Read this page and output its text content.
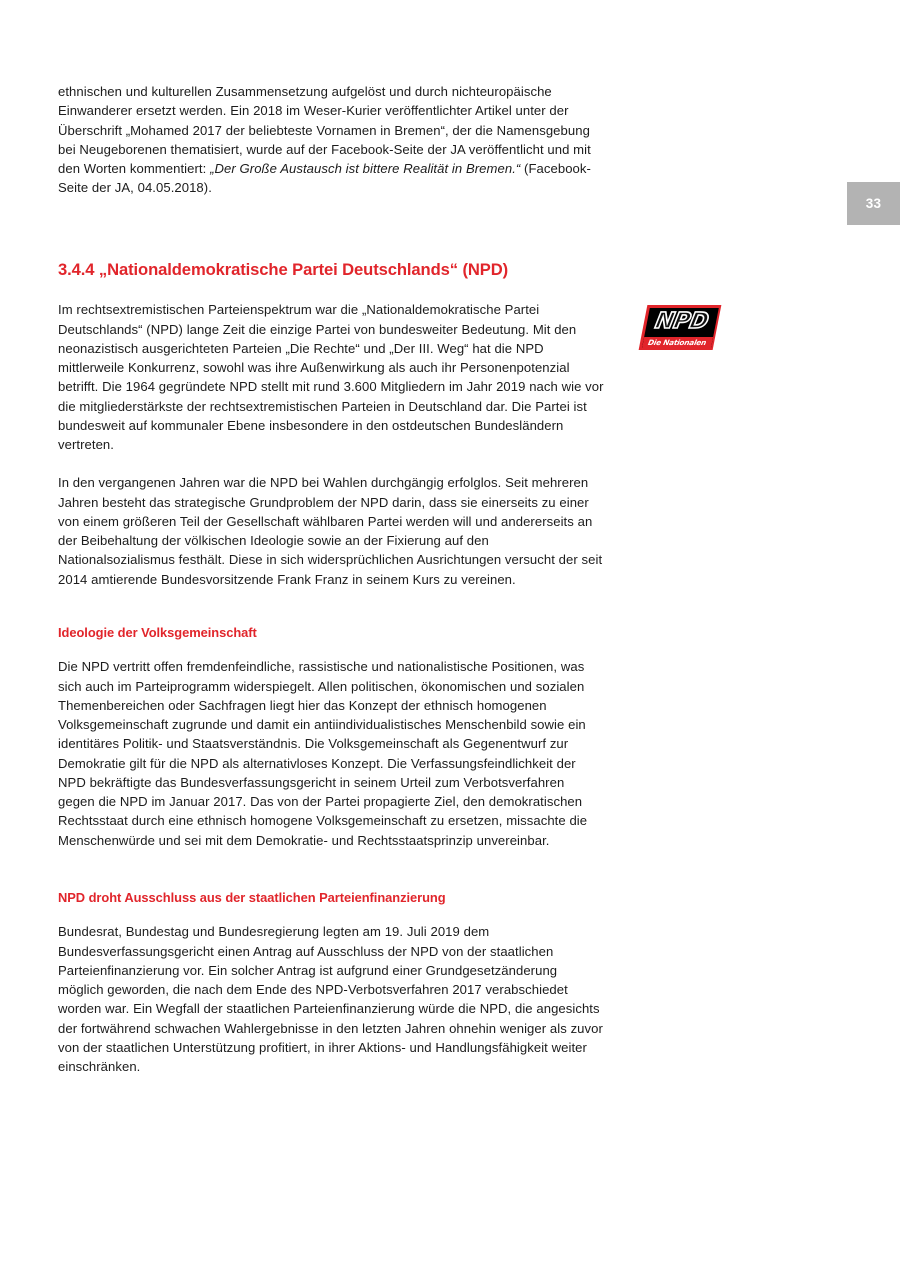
33
NPD
Die Nationalen

ethnischen und kulturellen Zusammensetzung aufgelöst und durch nichteuropäische Einwanderer ersetzt werden. Ein 2018 im Weser-Kurier veröffentlichter Artikel unter der Überschrift „Mohamed 2017 der beliebteste Vornamen in Bremen“, der die Namensgebung bei Neugeborenen thematisiert, wurde auf der Facebook-Seite der JA veröffentlicht und mit den Worten kommentiert: „Der Große Austausch ist bittere Realität in Bremen.“ (Facebook-Seite der JA, 04.05.2018).

3.4.4 „Nationaldemokratische Partei Deutschlands“ (NPD)

Im rechtsextremistischen Parteienspektrum war die „Nationaldemokratische Partei Deutschlands“ (NPD) lange Zeit die einzige Partei von bundesweiter Bedeutung. Mit den neonazistisch ausgerichteten Parteien „Die Rechte“ und „Der III. Weg“ hat die NPD mittlerweile Konkurrenz, sowohl was ihre Außenwirkung als auch ihr Personenpotenzial betrifft. Die 1964 gegründete NPD stellt mit rund 3.600 Mitgliedern im Jahr 2019 nach wie vor die mitgliederstärkste der rechtsextremistischen Parteien in Deutschland dar. Die Partei ist bundesweit auf kommunaler Ebene insbesondere in den ostdeutschen Bundesländern vertreten.

In den vergangenen Jahren war die NPD bei Wahlen durchgängig erfolglos. Seit mehreren Jahren besteht das strategische Grundproblem der NPD darin, dass sie einerseits zu einer von einem größeren Teil der Gesellschaft wählbaren Partei werden will und andererseits an der Beibehaltung der völkischen Ideologie sowie an der Fixierung auf den Nationalsozialismus festhält. Diese in sich widersprüchlichen Ausrichtungen versucht der seit 2014 amtierende Bundesvorsitzende Frank Franz in seinem Kurs zu vereinen.

Ideologie der Volksgemeinschaft

Die NPD vertritt offen fremdenfeindliche, rassistische und nationalistische Positionen, was sich auch im Parteiprogramm widerspiegelt. Allen politischen, ökonomischen und sozialen Themenbereichen oder Sachfragen liegt hier das Konzept der ethnisch homogenen Volksgemeinschaft zugrunde und damit ein antiindividualistisches Menschenbild sowie ein identitäres Politik- und Staatsverständnis. Die Volksgemeinschaft als Gegenentwurf zur Demokratie gilt für die NPD als alternativloses Konzept. Die Verfassungsfeindlichkeit der NPD bekräftigte das Bundesverfassungsgericht in seinem Urteil zum Verbotsverfahren gegen die NPD im Januar 2017. Das von der Partei propagierte Ziel, den demokratischen Rechtsstaat durch eine ethnisch homogene Volksgemeinschaft zu ersetzen, missachte die Menschenwürde und sei mit dem Demokratie- und Rechtsstaatsprinzip unvereinbar.

NPD droht Ausschluss aus der staatlichen Parteienfinanzierung

Bundesrat, Bundestag und Bundesregierung legten am 19. Juli 2019 dem Bundesverfassungsgericht einen Antrag auf Ausschluss der NPD von der staatlichen Parteienfinanzierung vor. Ein solcher Antrag ist aufgrund einer Grundgesetzänderung möglich geworden, die nach dem Ende des NPD-Verbotsverfahren 2017 verabschiedet worden war. Ein Wegfall der staatlichen Parteienfinanzierung würde die NPD, die angesichts der fortwährend schwachen Wahlergebnisse in den letzten Jahren ohnehin weniger als zuvor von der staatlichen Unterstützung profitiert, in ihrer Aktions- und Handlungsfähigkeit weiter einschränken.
